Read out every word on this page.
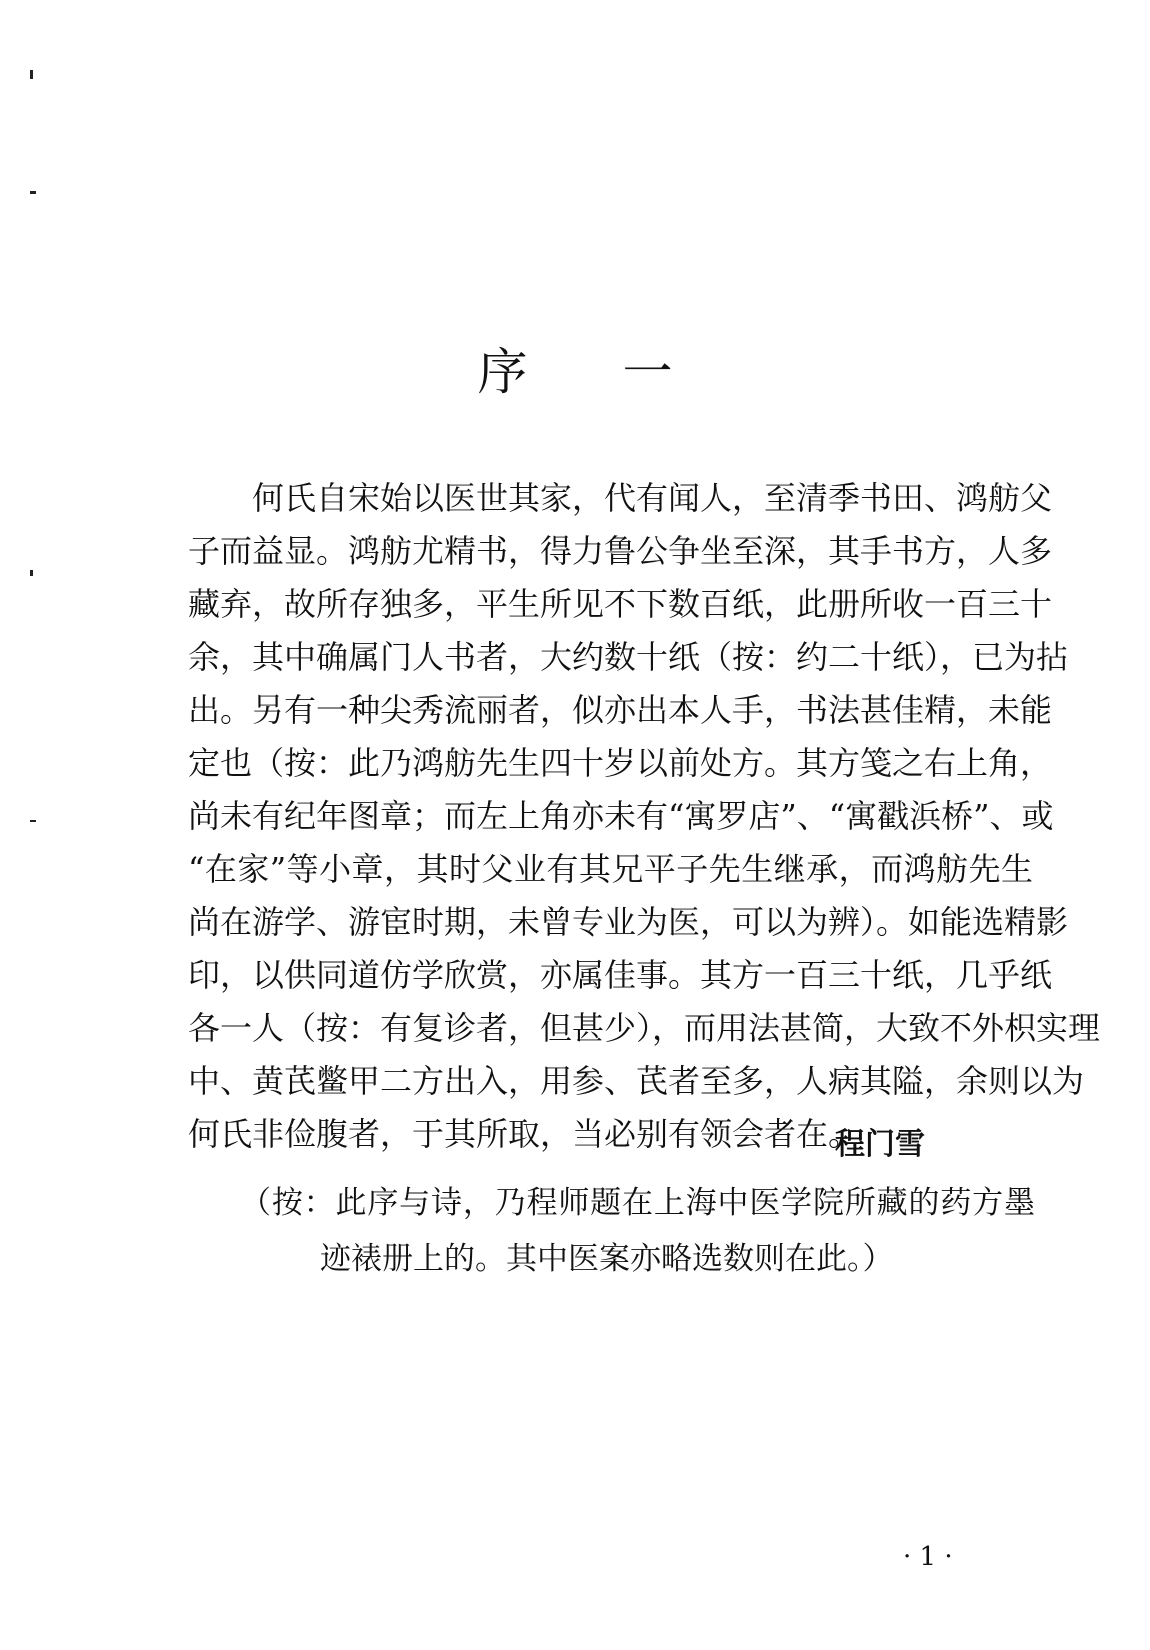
序 一
何氏自宋始以医世其家，代有闻人，至清季书田、鸿舫父
子而益显。鸿舫尤精书，得力鲁公争坐至深，其手书方，人多
藏弃，故所存独多，平生所见不下数百纸，此册所收一百三十
余，其中确属门人书者，大约数十纸（按：约二十纸），已为拈
出。另有一种尖秀流丽者，似亦出本人手，书法甚佳精，未能
定也（按：此乃鸿舫先生四十岁以前处方。其方笺之右上角，
尚未有纪年图章；而左上角亦未有“寓罗店”、“寓戳浜桥”、或
“在家”等小章，其时父业有其兄平子先生继承，而鸿舫先生
尚在游学、游宦时期，未曾专业为医，可以为辨）。如能选精影
印，以供同道仿学欣赏，亦属佳事。其方一百三十纸，几乎纸
各一人（按：有复诊者，但甚少），而用法甚简，大致不外枳实理
中、黄芪鳖甲二方出入，用参、芪者至多，人病其隘，余则以为
何氏非俭腹者，于其所取，当必别有领会者在。
程门雪
（按：此序与诗，乃程师题在上海中医学院所藏的药方墨
迹裱册上的。其中医案亦略选数则在此。）
· 1 ·
